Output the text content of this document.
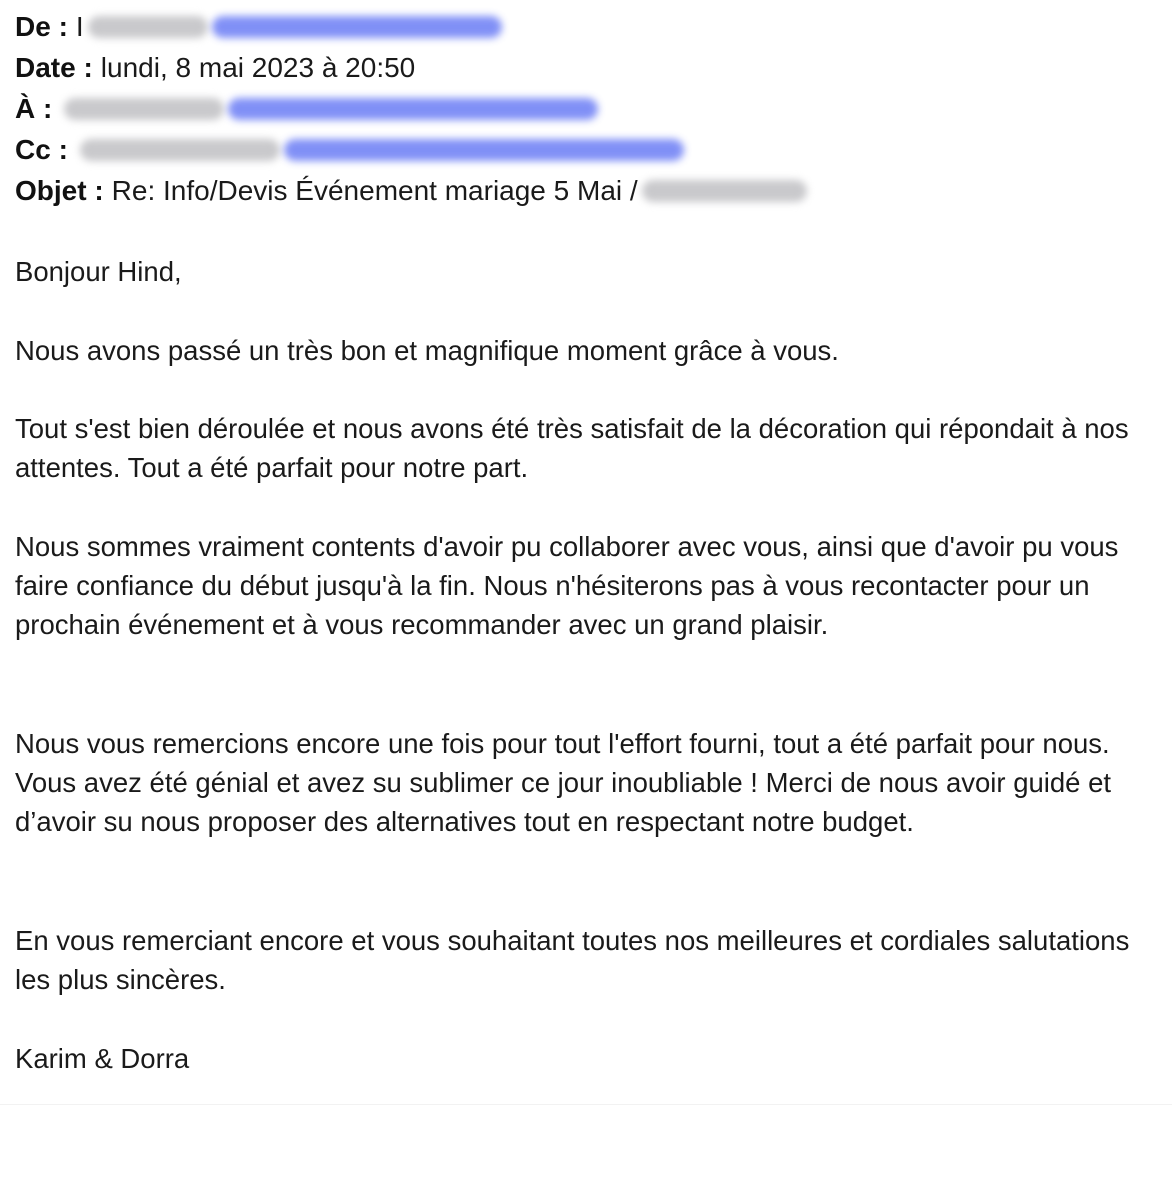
De : I
Date : lundi, 8 mai 2023 à 20:50
À :
Cc :
Objet : Re: Info/Devis Événement mariage 5 Mai /

Bonjour Hind,

Nous avons passé un très bon et magnifique moment grâce à vous.

Tout s'est bien déroulée et nous avons été très satisfait de la décoration qui répondait à nos attentes. Tout a été parfait pour notre part.

Nous sommes vraiment contents d'avoir pu collaborer avec vous, ainsi que d'avoir pu vous faire confiance du début jusqu'à la fin. Nous n'hésiterons pas à vous recontacter pour un prochain événement et à vous recommander avec un grand plaisir.

Nous vous remercions encore une fois pour tout l'effort fourni, tout a été parfait pour nous. Vous avez été génial et avez su sublimer ce jour inoubliable ! Merci de nous avoir guidé et d’avoir su nous proposer des alternatives tout en respectant notre budget.

En vous remerciant encore et vous souhaitant toutes nos meilleures et cordiales salutations les plus sincères.

Karim & Dorra
